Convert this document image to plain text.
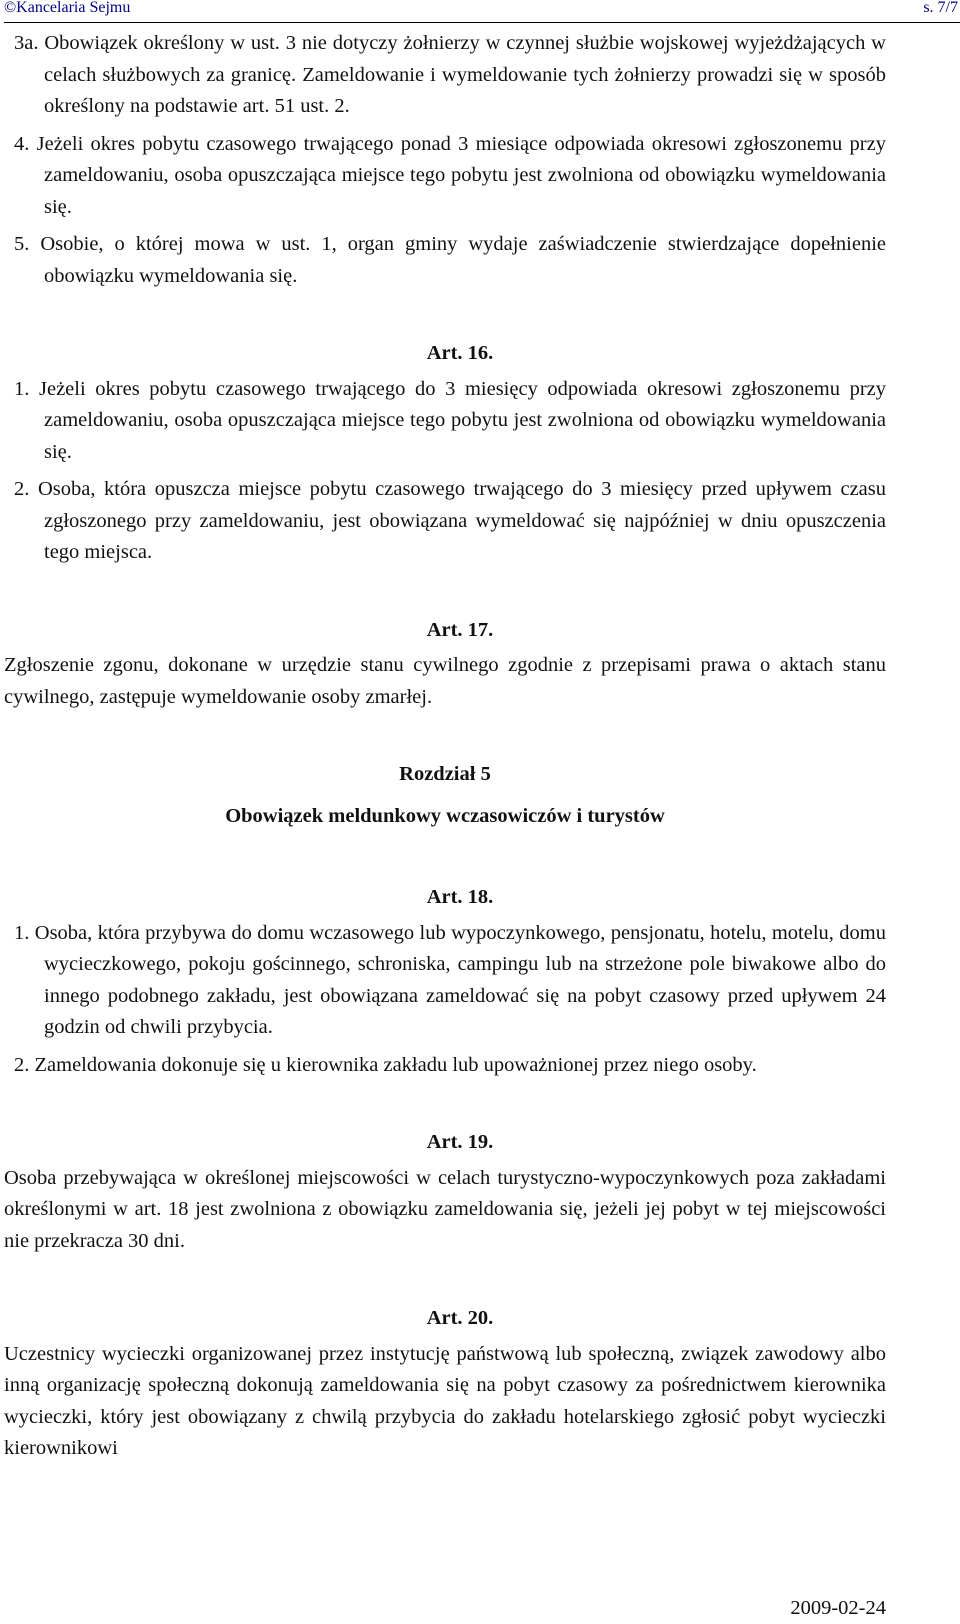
©Kancelaria Sejmu	s. 7/7

3a. Obowiązek określony w ust. 3 nie dotyczy żołnierzy w czynnej służbie wojskowej wyjeżdżających w celach służbowych za granicę. Zameldowanie i wymeldowanie tych żołnierzy prowadzi się w sposób określony na podstawie art. 51 ust. 2.

4. Jeżeli okres pobytu czasowego trwającego ponad 3 miesiące odpowiada okresowi zgłoszonemu przy zameldowaniu, osoba opuszczająca miejsce tego pobytu jest zwolniona od obowiązku wymeldowania się.

5. Osobie, o której mowa w ust. 1, organ gminy wydaje zaświadczenie stwierdzające dopełnienie obowiązku wymeldowania się.

Art. 16.

1. Jeżeli okres pobytu czasowego trwającego do 3 miesięcy odpowiada okresowi zgłoszonemu przy zameldowaniu, osoba opuszczająca miejsce tego pobytu jest zwolniona od obowiązku wymeldowania się.

2. Osoba, która opuszcza miejsce pobytu czasowego trwającego do 3 miesięcy przed upływem czasu zgłoszonego przy zameldowaniu, jest obowiązana wymeldować się najpóźniej w dniu opuszczenia tego miejsca.

Art. 17.

Zgłoszenie zgonu, dokonane w urzędzie stanu cywilnego zgodnie z przepisami prawa o aktach stanu cywilnego, zastępuje wymeldowanie osoby zmarłej.

Rozdział 5
Obowiązek meldunkowy wczasowiczów i turystów
Art. 18.

1. Osoba, która przybywa do domu wczasowego lub wypoczynkowego, pensjonatu, hotelu, motelu, domu wycieczkowego, pokoju gościnnego, schroniska, campingu lub na strzeżone pole biwakowe albo do innego podobnego zakładu, jest obowiązana zameldować się na pobyt czasowy przed upływem 24 godzin od chwili przybycia.

2. Zameldowania dokonuje się u kierownika zakładu lub upoważnionej przez niego osoby.

Art. 19.

Osoba przebywająca w określonej miejscowości w celach turystyczno-wypoczynkowych poza zakładami określonymi w art. 18 jest zwolniona z obowiązku zameldowania się, jeżeli jej pobyt w tej miejscowości nie przekracza 30 dni.

Art. 20.

Uczestnicy wycieczki organizowanej przez instytucję państwową lub społeczną, związek zawodowy albo inną organizację społeczną dokonują zameldowania się na pobyt czasowy za pośrednictwem kierownika wycieczki, który jest obowiązany z chwilą przybycia do zakładu hotelarskiego zgłosić pobyt wycieczki kierownikowi

2009-02-24
